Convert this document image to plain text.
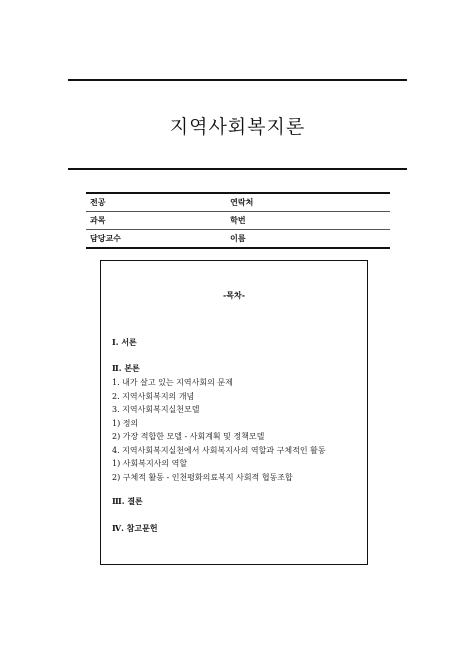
지역사회복지론
전공	연락처
과목	학번
담당교수	이름
-목차-
Ⅰ. 서론
Ⅱ. 본론
1. 내가 살고 있는 지역사회의 문제
2. 지역사회복지의 개념
3. 지역사회복지실천모델
1) 정의
2) 가장 적합한 모델 - 사회계획 및 정책모델
4. 지역사회복지실천에서 사회복지사의 역할과 구체적인 활동
1) 사회복지사의 역할
2) 구체적 활동 - 인천평화의료복지 사회적 협동조합
Ⅲ. 결론
Ⅳ. 참고문헌
